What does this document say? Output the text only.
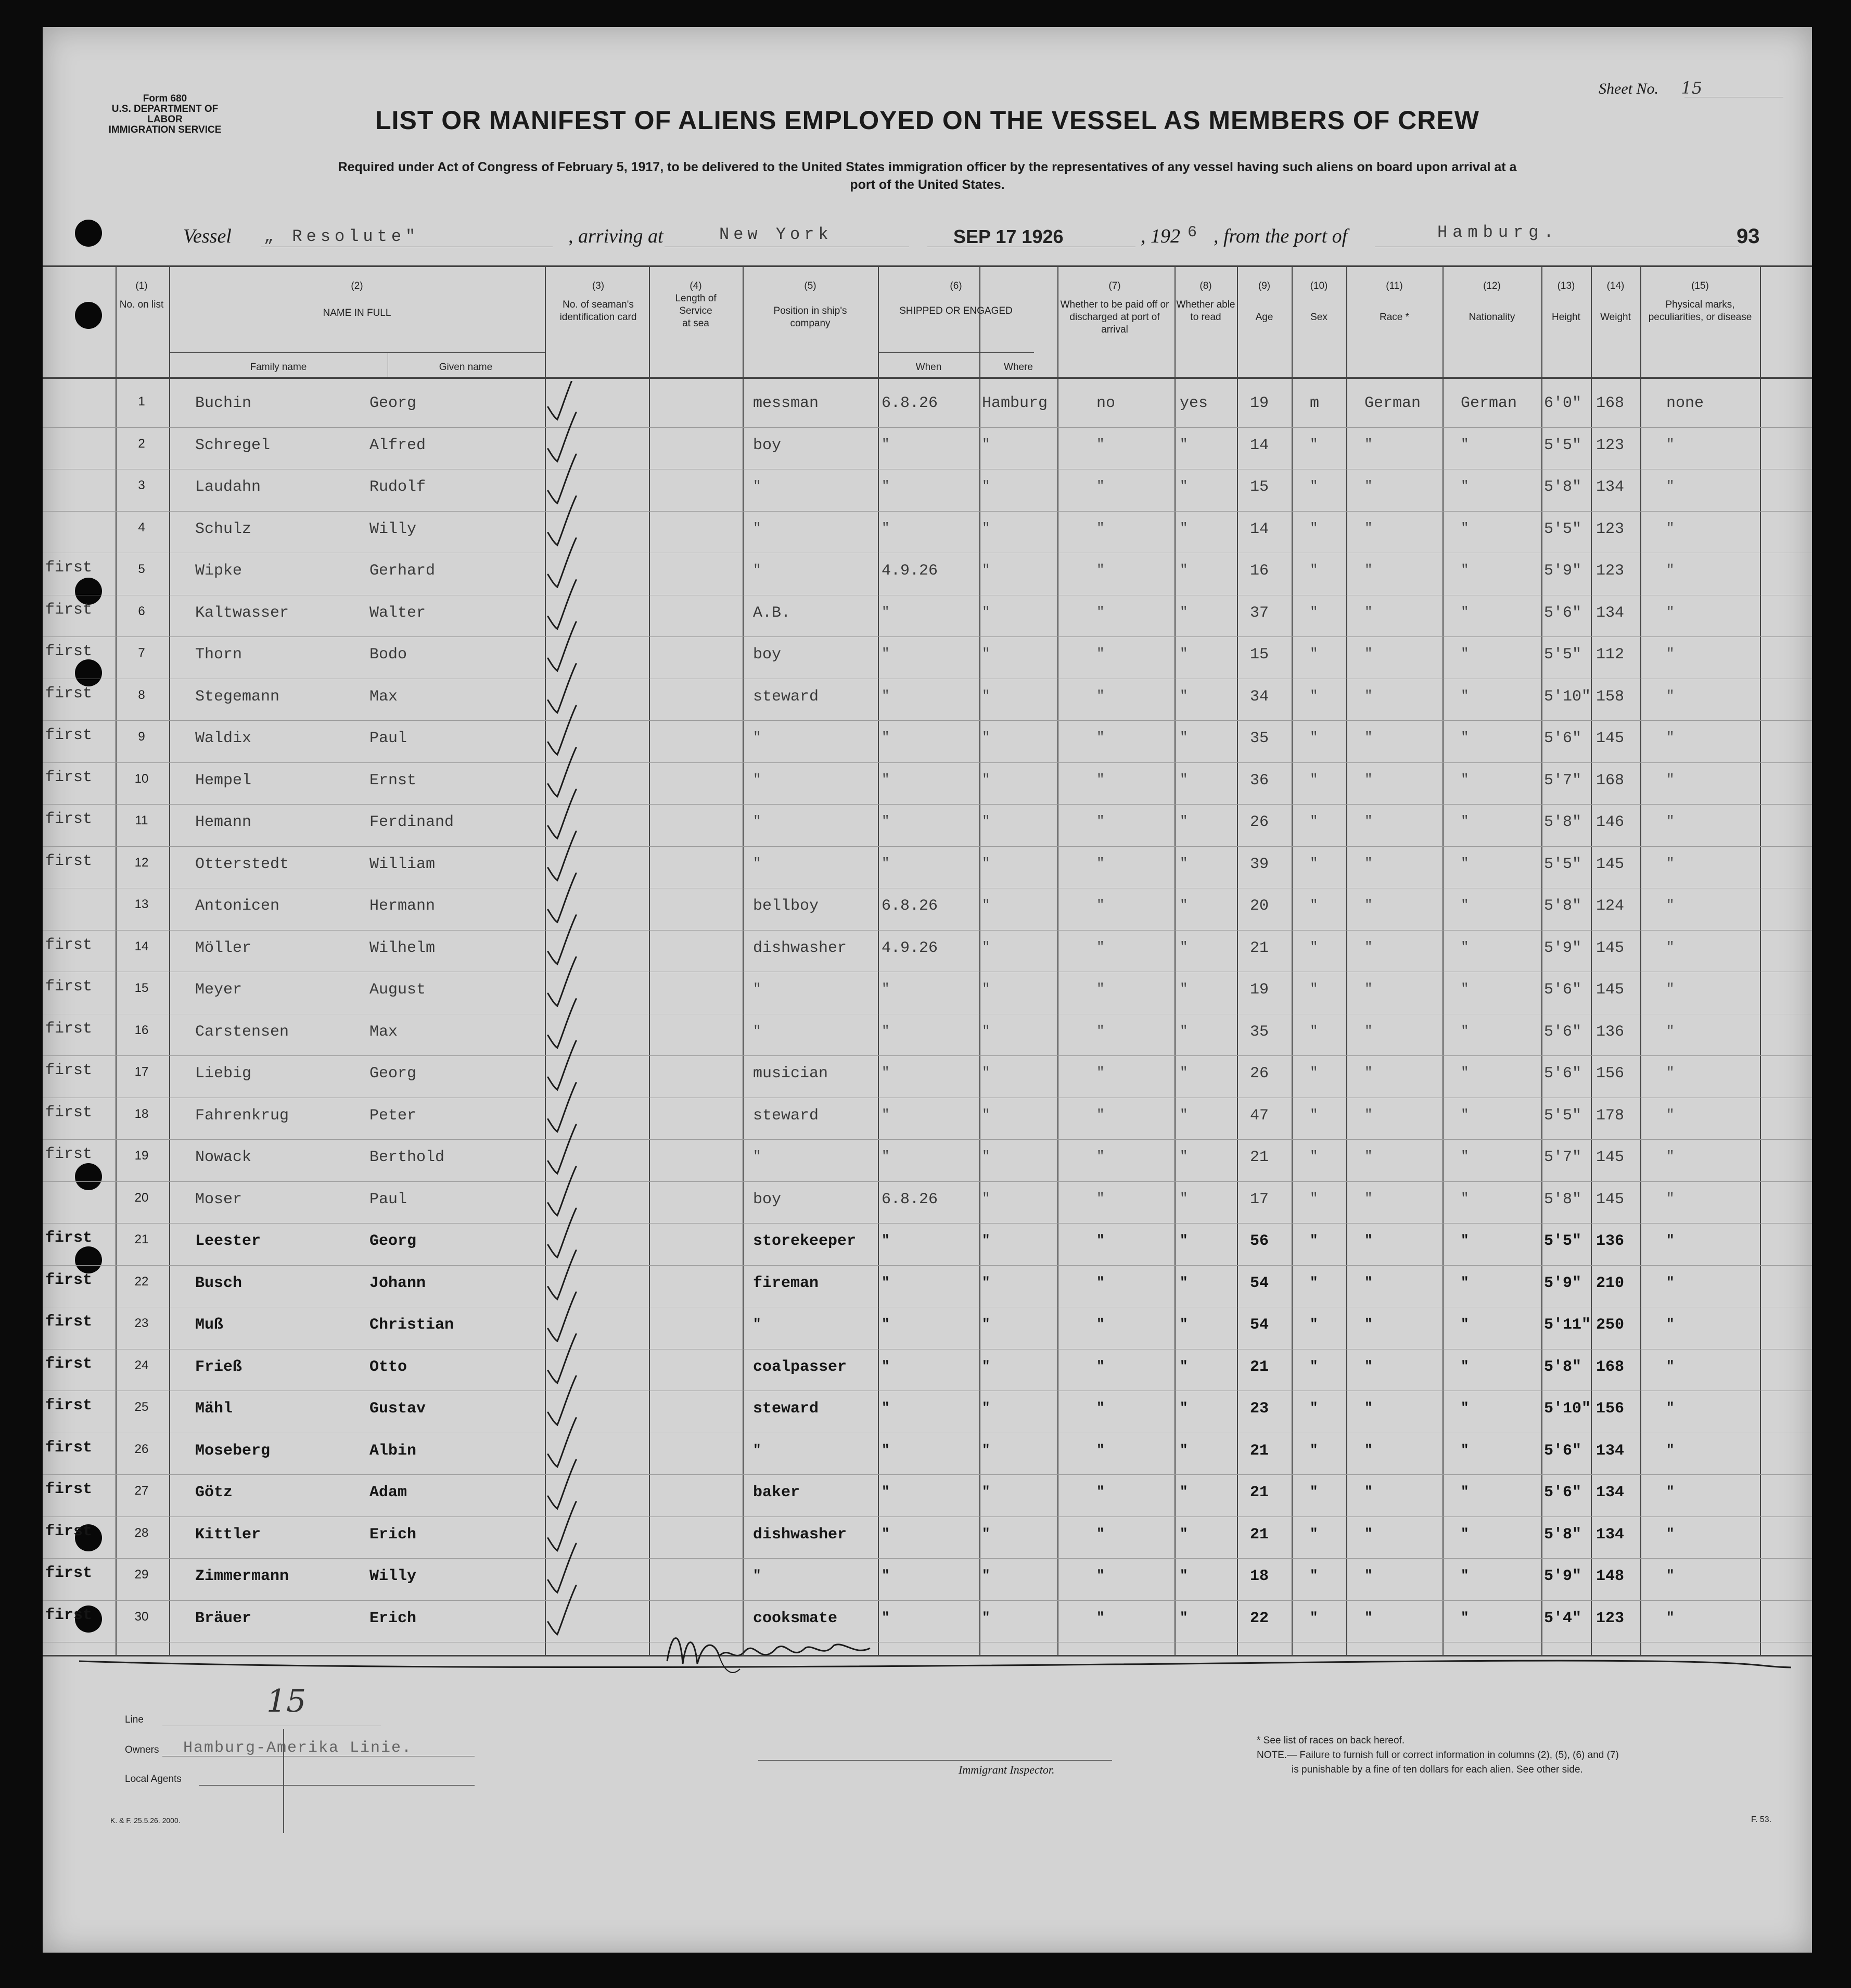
Form 680
U.S. DEPARTMENT OF LABOR
IMMIGRATION SERVICE
Sheet No. 15
LIST OR MANIFEST OF ALIENS EMPLOYED ON THE VESSEL AS MEMBERS OF CREW
Required under Act of Congress of February 5, 1917, to be delivered to the United States immigration officer by the representatives of any vessel having such aliens on board upon arrival at a
port of the United States.
Vessel „ Resolute"	, arriving at	New York	SEP 17 1926	, 192 6 , from the port of	Hamburg.	93
(1)
No. on list
(2)
NAME IN FULL
Family name	Given name
(3)
No. of seaman's identification card
(4)
Length of Service at sea
(5)
Position in ship's company
(6)
SHIPPED OR ENGAGED
When	Where
(7)
Whether to be paid off or discharged at port of arrival
(8)
Whether able to read
(9)
Age
(10)
Sex
(11)
Race *
(12)
Nationality
(13)
Height
(14)
Weight
(15)
Physical marks, peculiarities, or disease
1	Buchin	Georg	messman	6.8.26	Hamburg	no	yes	19	m	German	German 6'0" 168	none
2	Schregel	Alfred	boy	"	"	"	"	14	"	"	"	5'5" 123	"
3	Laudahn	Rudolf	"	"	"	"	"	15	"	"	"	5'8" 134	"
4	Schulz	Willy	"	"	"	"	"	14	"	"	"	5'5" 123	"
first	5	Wipke	Gerhard	"	4.9.26	"	"	"	16	"	"	"	5'9" 123	"
first	6	Kaltwasser	Walter	A.B.	"	"	"	"	37	"	"	"	5'6" 134	"
first	7	Thorn	Bodo	boy	"	"	"	"	15	"	"	"	5'5" 112	"
first	8	Stegemann	Max	steward	"	"	"	"	34	"	"	"	5'10" 158	"
first	9	Waldix	Paul	"	"	"	"	"	35	"	"	"	5'6" 145	"
first	10	Hempel	Ernst	"	"	"	"	"	36	"	"	"	5'7" 168	"
first	11	Hemann	Ferdinand	"	"	"	"	"	26	"	"	"	5'8" 146	"
first	12	Otterstedt	William	"	"	"	"	"	39	"	"	"	5'5" 145	"
13	Antonicen	Hermann	bellboy	6.8.26	"	"	"	20	"	"	"	5'8" 124	"
first	14	Möller	Wilhelm	dishwasher 4.9.26	"	"	"	21	"	"	"	5'9" 145	"
first	15	Meyer	August	"	"	"	"	"	19	"	"	"	5'6" 145	"
first	16	Carstensen	Max	"	"	"	"	"	35	"	"	"	5'6" 136	"
first	17	Liebig	Georg	musician	"	"	"	"	26	"	"	"	5'6" 156	"
first	18	Fahrenkrug	Peter	steward	"	"	"	"	47	"	"	"	5'5" 178	"
first	19	Nowack	Berthold	"	"	"	"	"	21	"	"	"	5'7" 145	"
20	Moser	Paul	boy	6.8.26	"	"	"	17	"	"	"	5'8" 145	"
first	21	Leester	Georg	storekeeper "	"	"	"	56	"	"	"	5'5" 136	"
first	22	Busch	Johann	fireman	"	"	"	"	54	"	"	"	5'9" 210	"
first	23	Muß	Christian	"	"	"	"	"	54	"	"	"	5'11" 250	"
first	24	Frieß	Otto	coalpasser	"	"	"	"	21	"	"	"	5'8" 168	"
first	25	Mähl	Gustav	steward	"	"	"	"	23	"	"	"	5'10" 156	"
first	26	Moseberg	Albin	"	"	"	"	"	21	"	"	"	5'6" 134	"
first	27	Götz	Adam	baker	"	"	"	"	21	"	"	"	5'6" 134	"
first	28	Kittler	Erich	dishwasher	"	"	"	"	21	"	"	"	5'8" 134	"
first	29	Zimmermann	Willy	"	"	"	"	"	18	"	"	"	5'9" 148	"
first	30	Bräuer	Erich	cooksmate	"	"	"	"	22	"	"	"	5'4" 123	"
Line
15
Owners Hamburg-Amerika Linie.
Local Agents
Immigrant Inspector.
* See list of races on back hereof.
NOTE.— Failure to furnish full or correct information in columns (2), (5), (6) and (7)
is punishable by a fine of ten dollars for each alien. See other side.
K. & F. 25.5.26. 2000.	F. 53.
